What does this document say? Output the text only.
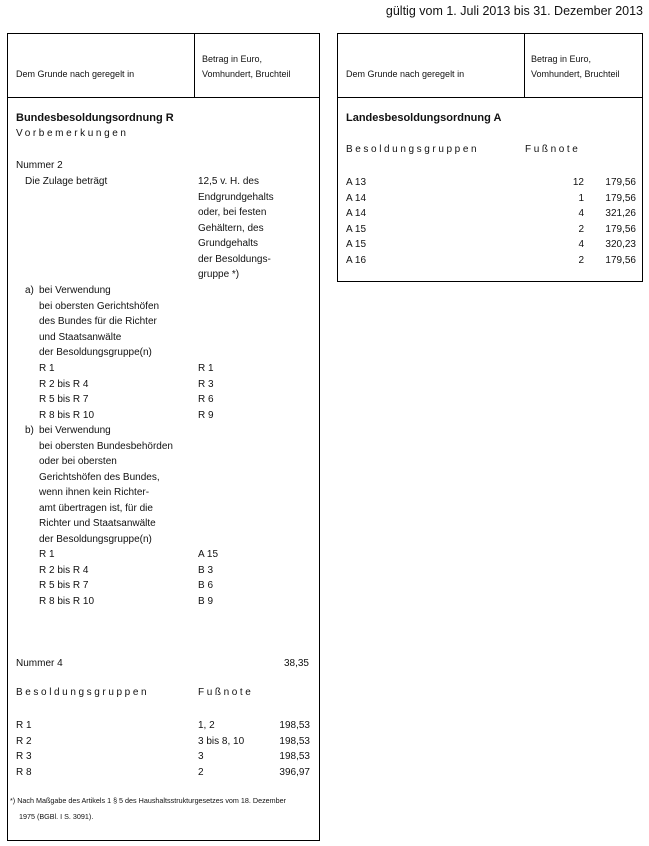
gültig vom 1. Juli 2013 bis 31. Dezember 2013
Dem Grunde nach geregelt in
Betrag in Euro,
Vomhundert, Bruchteil
Bundesbesoldungsordnung R
Vorbemerkungen
Nummer 2
Die Zulage beträgt	12,5 v. H. des
Endgrundgehalts
oder, bei festen
Gehältern, des
Grundgehalts
der Besoldungs-
gruppe *)
a) bei Verwendung
bei obersten Gerichtshöfen
des Bundes für die Richter
und Staatsanwälte
der Besoldungsgruppe(n)
R 1	R 1
R 2 bis R 4	R 3
R 5 bis R 7	R 6
R 8 bis R 10	R 9
b) bei Verwendung
bei obersten Bundesbehörden
oder bei obersten
Gerichtshöfen des Bundes,
wenn ihnen kein Richter-
amt übertragen ist, für die
Richter und Staatsanwälte
der Besoldungsgruppe(n)
R 1	A 15
R 2 bis R 4	B 3
R 5 bis R 7	B 6
R 8 bis R 10	B 9
Nummer 4	38,35
Besoldungsgruppen	Fußnote
R 1	1, 2	198,53
R 2	3 bis 8, 10	198,53
R 3	3	198,53
R 8	2	396,97
*) Nach Maßgabe des Artikels 1 § 5 des Haushaltsstrukturgesetzes vom 18. Dezember
1975 (BGBl. I S. 3091).
Dem Grunde nach geregelt in
Betrag in Euro,
Vomhundert, Bruchteil
Landesbesoldungsordnung A
Besoldungsgruppen	Fußnote
A 13	12 179,56
A 14	1 179,56
A 14	4 321,26
A 15	2 179,56
A 15	4 320,23
A 16	2 179,56
